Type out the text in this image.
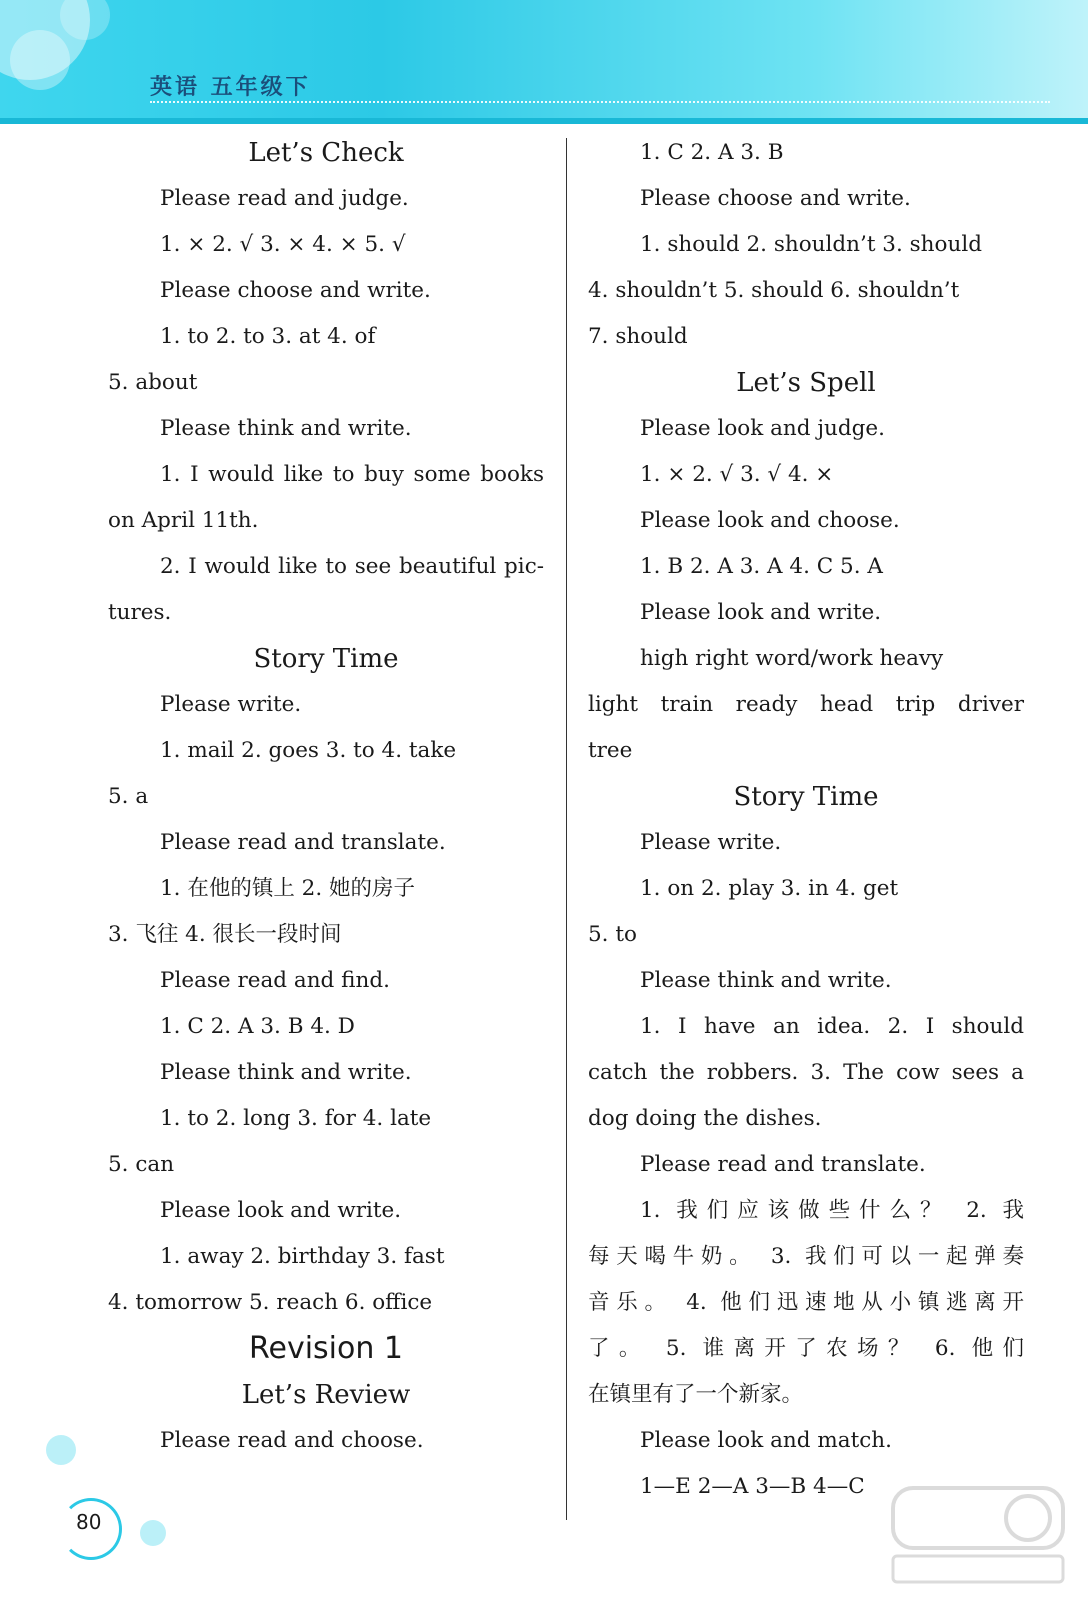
英语 五年级下
Let’s Check
Please read and judge.
1. × 2. √ 3. × 4. × 5. √
Please choose and write.
1. to 2. to 3. at 4. of
5. about
Please think and write.
1. I would like to buy some books
on April 11th.
2. I would like to see beautiful pic-
tures.
Story Time
Please write.
1. mail 2. goes 3. to 4. take
5. a
Please read and translate.
1. 在他的镇上 2. 她的房子
3. 飞往 4. 很长一段时间
Please read and find.
1. C 2. A 3. B 4. D
Please think and write.
1. to 2. long 3. for 4. late
5. can
Please look and write.
1. away 2. birthday 3. fast
4. tomorrow 5. reach 6. office
Revision 1
Let’s Review
Please read and choose.
1. C 2. A 3. B
Please choose and write.
1. should 2. shouldn’t 3. should
4. shouldn’t 5. should 6. shouldn’t
7. should
Let’s Spell
Please look and judge.
1. × 2. √ 3. √ 4. ×
Please look and choose.
1. B 2. A 3. A 4. C 5. A
Please look and write.
high right word/work heavy
light train ready head trip driver
tree
Story Time
Please write.
1. on 2. play 3. in 4. get
5. to
Please think and write.
1. I have an idea. 2. I should
catch the robbers. 3. The cow sees a
dog doing the dishes.
Please read and translate.
1. 我们应该做些什么？ 2. 我
每天喝牛奶。 3. 我们可以一起弹奏
音乐。 4. 他们迅速地从小镇逃离开
了。 5. 谁离开了农场？ 6. 他们
在镇里有了一个新家。
Please look and match.
1—E 2—A 3—B 4—C
80
